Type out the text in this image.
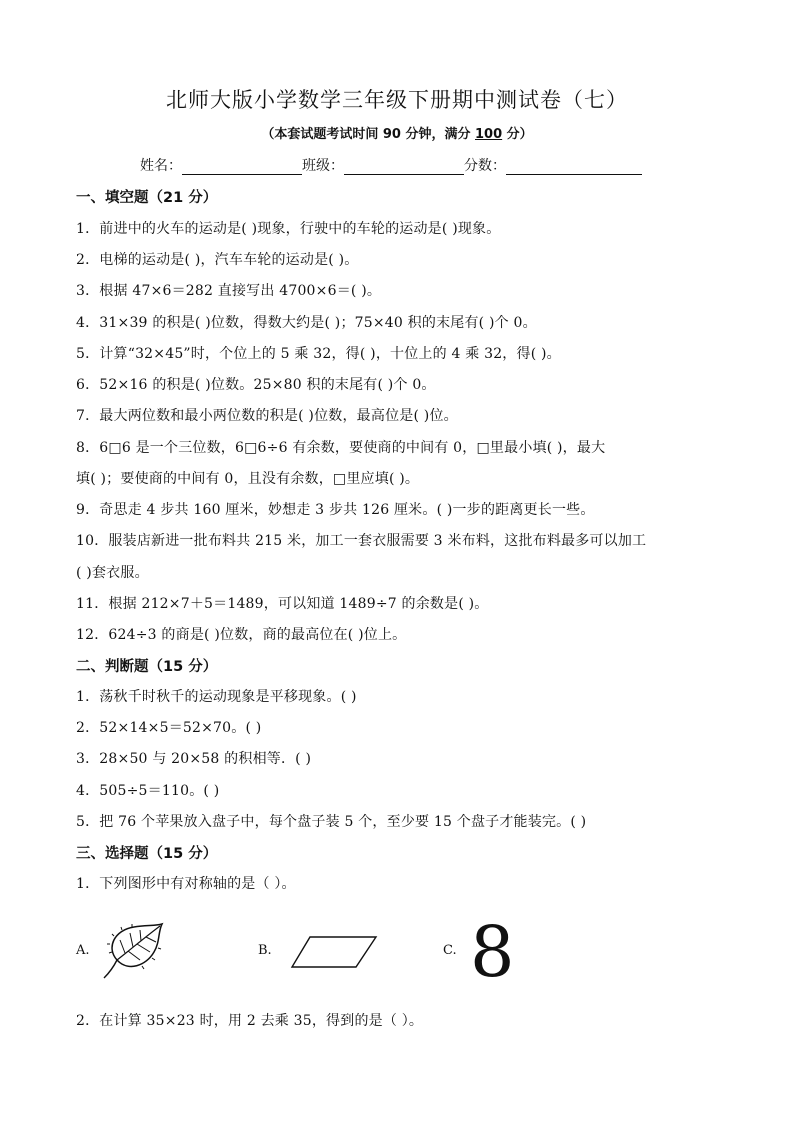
北师大版小学数学三年级下册期中测试卷（七）
（本套试题考试时间 90 分钟，满分 100 分）
姓名：	班级：	分数：
一、填空题（21 分）
1．前进中的火车的运动是( )现象，行驶中的车轮的运动是( )现象。
2．电梯的运动是( )，汽车车轮的运动是( )。
3．根据 47×6＝282 直接写出 4700×6＝( )。
4．31×39 的积是( )位数，得数大约是( )；75×40 积的末尾有( )个 0。
5．计算“32×45”时，个位上的 5 乘 32，得( )，十位上的 4 乘 32，得( )。
6．52×16 的积是( )位数。25×80 积的末尾有( )个 0。
7．最大两位数和最小两位数的积是( )位数，最高位是( )位。
8．6□6 是一个三位数，6□6÷6 有余数，要使商的中间有 0，□里最小填( )，最大
填( )；要使商的中间有 0，且没有余数，□里应填( )。
9．奇思走 4 步共 160 厘米，妙想走 3 步共 126 厘米。( )一步的距离更长一些。
10．服装店新进一批布料共 215 米，加工一套衣服需要 3 米布料，这批布料最多可以加工
( )套衣服。
11．根据 212×7＋5＝1489，可以知道 1489÷7 的余数是( )。
12．624÷3 的商是( )位数，商的最高位在( )位上。
二、判断题（15 分）
1．荡秋千时秋千的运动现象是平移现象。( )
2．52×14×5＝52×70。( )
3．28×50 与 20×58 的积相等．( )
4．505÷5＝110。( )
5．把 76 个苹果放入盘子中，每个盘子装 5 个，至少要 15 个盘子才能装完。( )
三、选择题（15 分）
1．下列图形中有对称轴的是（ ）。
A.	B.	C. 8
2．在计算 35×23 时，用 2 去乘 35，得到的是（ ）。
